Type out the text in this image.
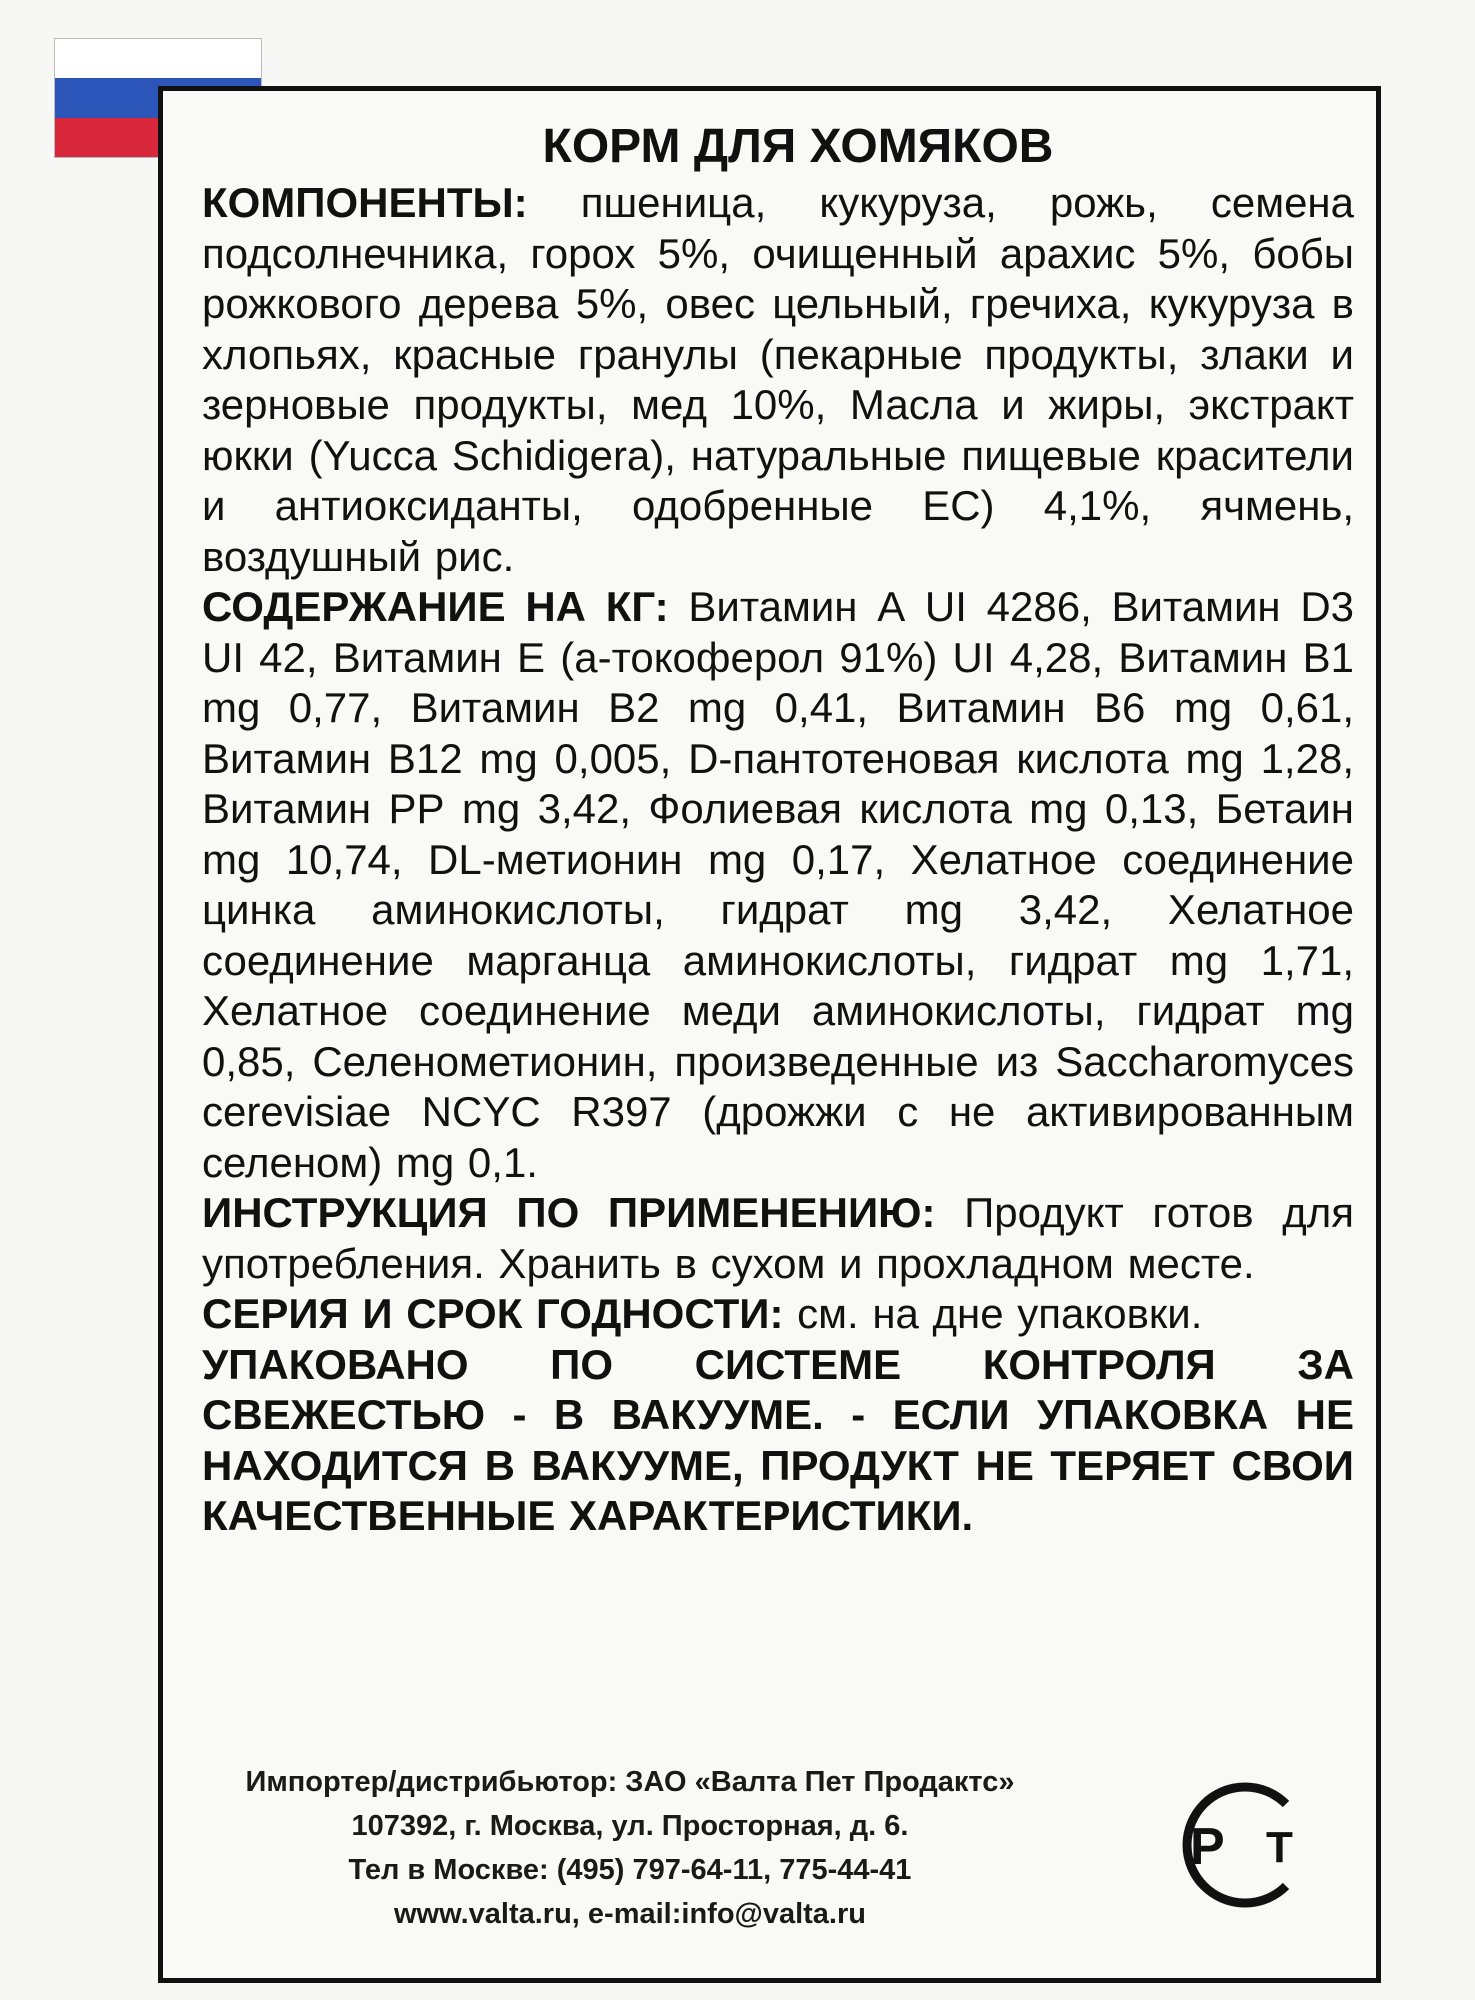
КОРМ ДЛЯ ХОМЯКОВ

КОМПОНЕНТЫ: пшеница, кукуруза, рожь, семена подсолнечника, горох 5%, очищенный арахис 5%, бобы рожкового дерева 5%, овес цельный, гречиха, кукуруза в хлопьях, красные гранулы (пекарные продукты, злаки и зерновые продукты, мед 10%, Масла и жиры, экстракт юкки (Yucca Schidigera), натуральные пищевые красители и антиоксиданты, одобренные ЕС) 4,1%, ячмень, воздушный рис.

СОДЕРЖАНИЕ НА КГ: Витамин А UI 4286, Витамин D3 UI 42, Витамин Е (а-токоферол 91%) UI 4,28, Витамин В1 mg 0,77, Витамин В2 mg 0,41, Витамин В6 mg 0,61, Витамин В12 mg 0,005, D-пантотеновая кислота mg 1,28, Витамин РР mg 3,42, Фолиевая кислота mg 0,13, Бетаин mg 10,74, DL-метионин mg 0,17, Хелатное соединение цинка аминокислоты, гидрат mg 3,42, Хелатное соединение марганца аминокислоты, гидрат mg 1,71, Хелатное соединение меди аминокислоты, гидрат mg 0,85, Селенометионин, произведенные из Saccharomyces cerevisiae NCYC R397 (дрожжи с не активированным селеном) mg 0,1.

ИНСТРУКЦИЯ ПО ПРИМЕНЕНИЮ: Продукт готов для употребления. Хранить в сухом и прохладном месте.

СЕРИЯ И СРОК ГОДНОСТИ: см. на дне упаковки.

УПАКОВАНО ПО СИСТЕМЕ КОНТРОЛЯ ЗА СВЕЖЕСТЬЮ - В ВАКУУМЕ. - ЕСЛИ УПАКОВКА НЕ НАХОДИТСЯ В ВАКУУМЕ, ПРОДУКТ НЕ ТЕРЯЕТ СВОИ КАЧЕСТВЕННЫЕ ХАРАКТЕРИСТИКИ.

Импортер/дистрибьютор: ЗАО «Валта Пет Продактс»
107392, г. Москва, ул. Просторная, д. 6.
Тел в Москве: (495) 797-64-11, 775-44-41
www.valta.ru, e-mail:info@valta.ru
P T
